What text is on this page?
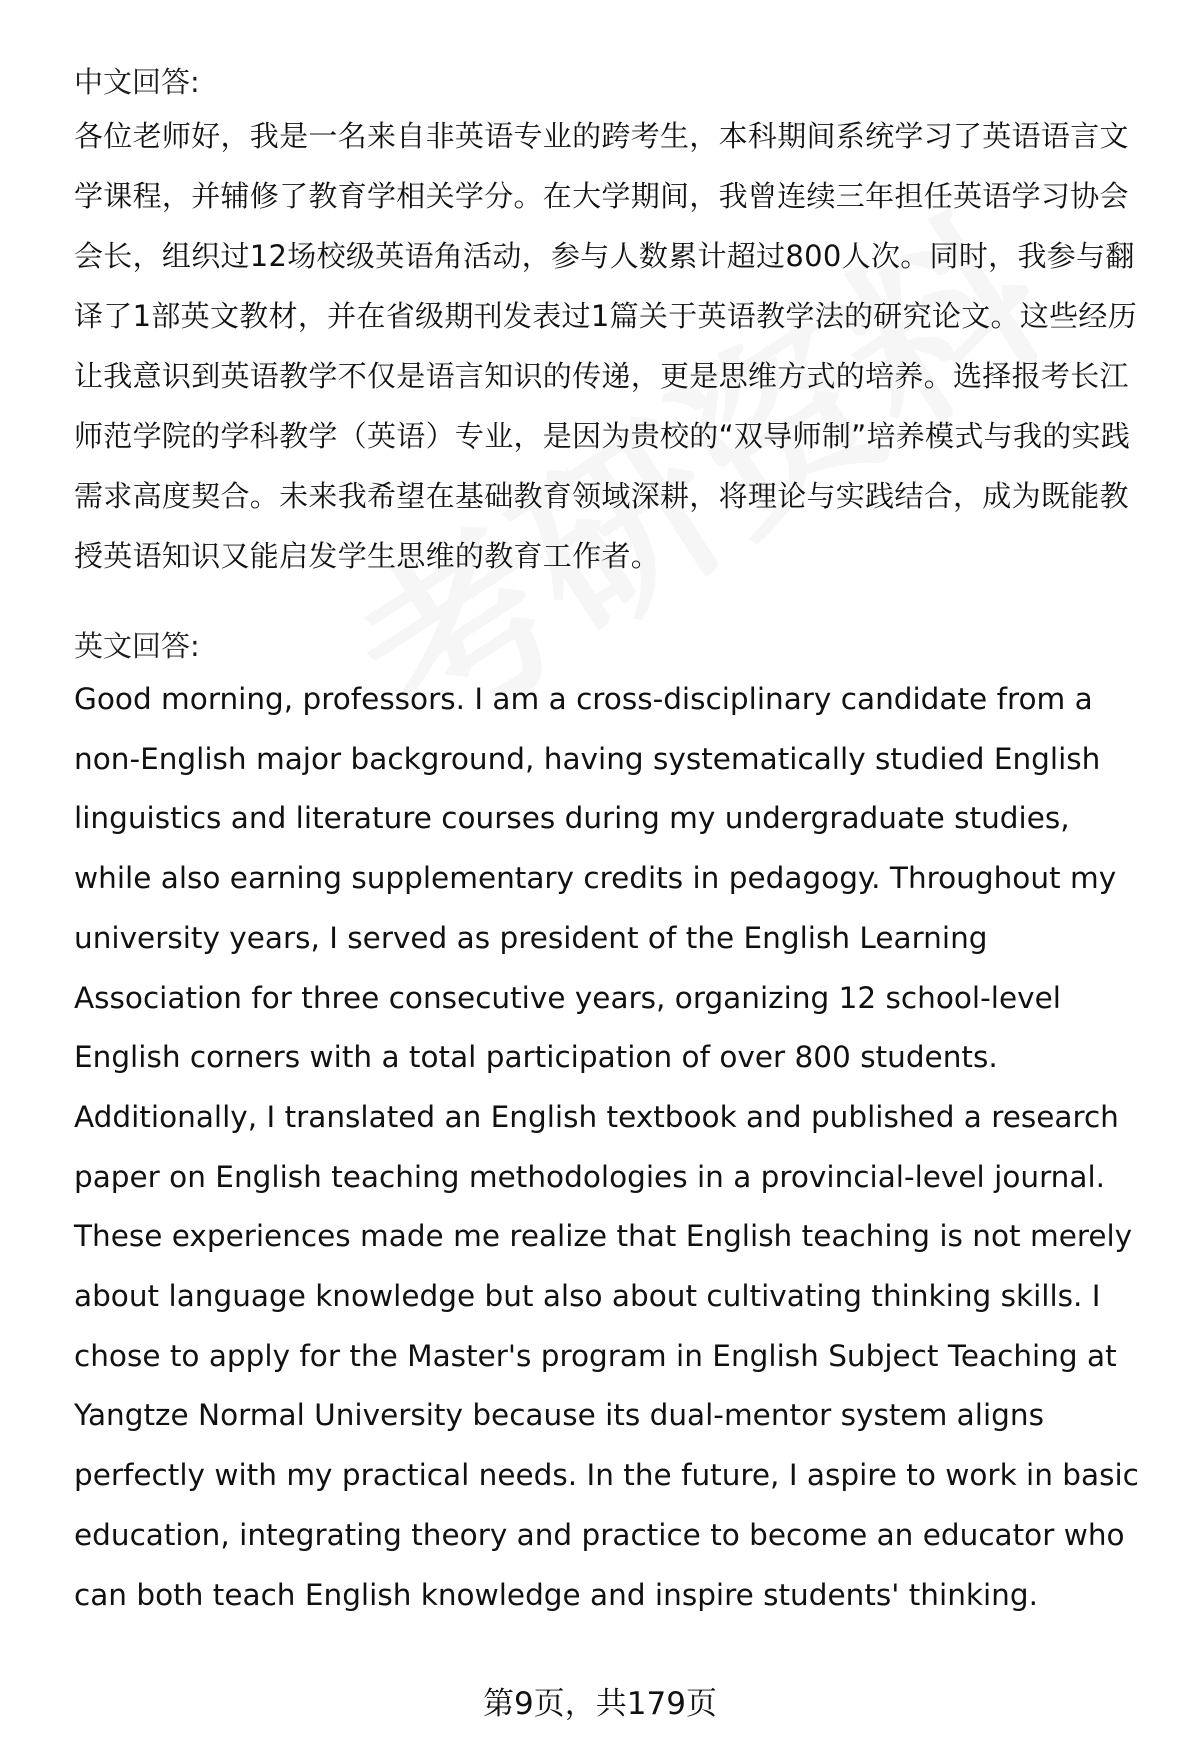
中文回答:

各位老师好，我是一名来自非英语专业的跨考生，本科期间系统学习了英语语言文学课程，并辅修了教育学相关学分。在大学期间，我曾连续三年担任英语学习协会会长，组织过12场校级英语角活动，参与人数累计超过800人次。同时，我参与翻译了1部英文教材，并在省级期刊发表过1篇关于英语教学法的研究论文。这些经历让我意识到英语教学不仅是语言知识的传递，更是思维方式的培养。选择报考长江师范学院的学科教学（英语）专业，是因为贵校的“双导师制”培养模式与我的实践需求高度契合。未来我希望在基础教育领域深耕，将理论与实践结合，成为既能教授英语知识又能启发学生思维的教育工作者。

英文回答:

Good morning, professors. I am a cross-disciplinary candidate from a non-English major background, having systematically studied English linguistics and literature courses during my undergraduate studies, while also earning supplementary credits in pedagogy. Throughout my university years, I served as president of the English Learning Association for three consecutive years, organizing 12 school-level English corners with a total participation of over 800 students. Additionally, I translated an English textbook and published a research paper on English teaching methodologies in a provincial-level journal. These experiences made me realize that English teaching is not merely about language knowledge but also about cultivating thinking skills. I chose to apply for the Master's program in English Subject Teaching at Yangtze Normal University because its dual-mentor system aligns perfectly with my practical needs. In the future, I aspire to work in basic education, integrating theory and practice to become an educator who can both teach English knowledge and inspire students' thinking.

第9页，共179页
